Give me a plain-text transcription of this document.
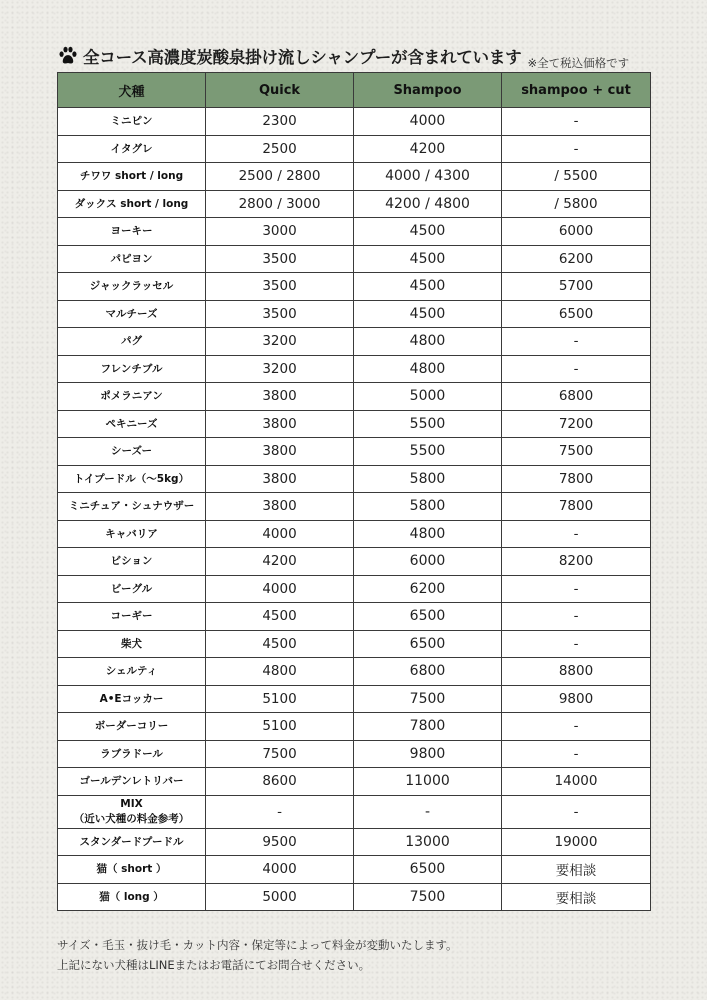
全コース高濃度炭酸泉掛け流しシャンプーが含まれています ※全て税込価格です
犬種	Quick	Shampoo	shampoo + cut

ミニピン	2300	4000	-

イタグレ	2500	4200	-

チワワ short / long	2500 / 2800	4000 / 4300	/ 5500

ダックス short / long	2800 / 3000	4200 / 4800	/ 5800

ヨーキー	3000	4500	6000

パピヨン	3500	4500	6200

ジャックラッセル	3500	4500	5700

マルチーズ	3500	4500	6500

パグ	3200	4800	-

フレンチブル	3200	4800	-

ポメラニアン	3800	5000	6800

ペキニーズ	3800	5500	7200

シーズー	3800	5500	7500

トイプードル（～5kg）	3800	5800	7800

ミニチュア・シュナウザー	3800	5800	7800

キャバリア	4000	4800	-

ビション	4200	6000	8200

ビーグル	4000	6200	-

コーギー	4500	6500	-

柴犬	4500	6500	-

シェルティ	4800	6800	8800

A•Eコッカー	5100	7500	9800

ボーダーコリー	5100	7800	-

ラブラドール	7500	9800	-

ゴールデンレトリバー	8600	11000	14000

MIX
（近い犬種の料金参考）	-	-	-

スタンダードプードル	9500	13000	19000

猫（ short ）	4000	6500	要相談

猫（ long ）	5000	7500	要相談
サイズ・毛玉・抜け毛・カット内容・保定等によって料金が変動いたします。
上記にない犬種はLINEまたはお電話にてお問合せください。
